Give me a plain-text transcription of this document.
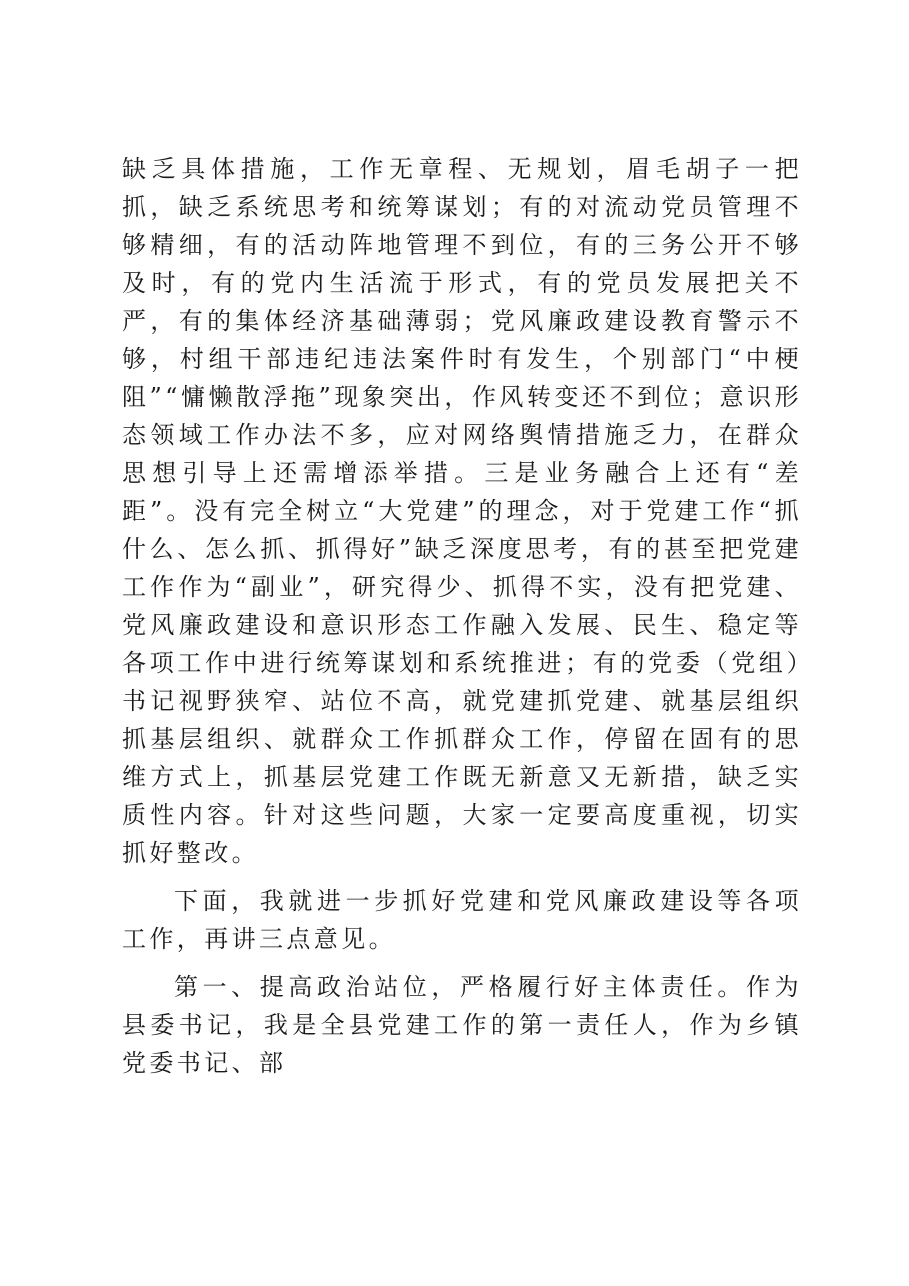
缺乏具体措施，工作无章程、无规划，眉毛胡子一把抓，缺乏系统思考和统筹谋划；有的对流动党员管理不够精细，有的活动阵地管理不到位，有的三务公开不够及时，有的党内生活流于形式，有的党员发展把关不严，有的集体经济基础薄弱；党风廉政建设教育警示不够，村组干部违纪违法案件时有发生，个别部门“中梗阻”“慵懒散浮拖”现象突出，作风转变还不到位；意识形态领域工作办法不多，应对网络舆情措施乏力，在群众思想引导上还需增添举措。三是业务融合上还有“差距”。没有完全树立“大党建”的理念，对于党建工作“抓什么、怎么抓、抓得好”缺乏深度思考，有的甚至把党建工作作为“副业”，研究得少、抓得不实，没有把党建、党风廉政建设和意识形态工作融入发展、民生、稳定等各项工作中进行统筹谋划和系统推进；有的党委（党组）书记视野狭窄、站位不高，就党建抓党建、就基层组织抓基层组织、就群众工作抓群众工作，停留在固有的思维方式上，抓基层党建工作既无新意又无新措，缺乏实质性内容。针对这些问题，大家一定要高度重视，切实抓好整改。

下面，我就进一步抓好党建和党风廉政建设等各项工作，再讲三点意见。

第一、提高政治站位，严格履行好主体责任。作为县委书记，我是全县党建工作的第一责任人，作为乡镇党委书记、部
